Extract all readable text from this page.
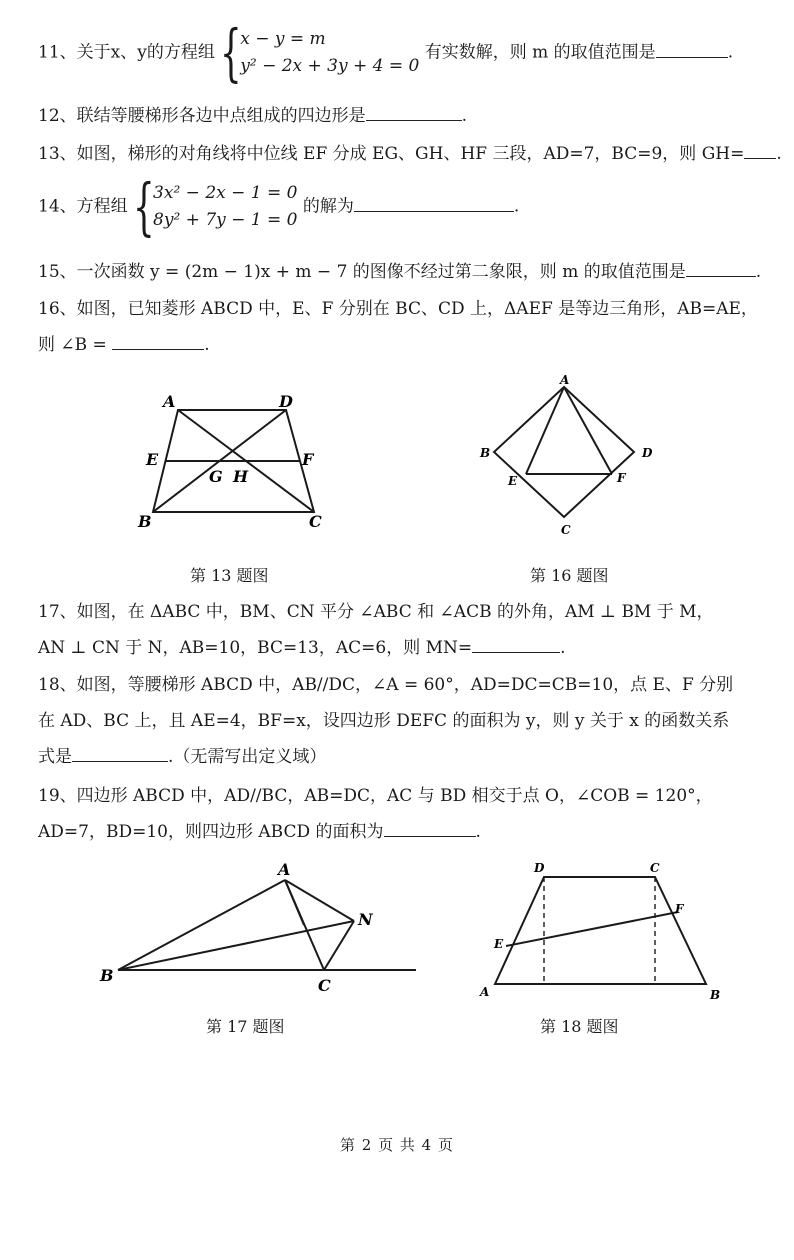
11、关于x、y的方程组 {
x − y = m
y² − 2x + 3y + 4 = 0
有实数解，则 m 的取值范围是	.
12、联结等腰梯形各边中点组成的四边形是	.
13、如图，梯形的对角线将中位线 EF 分成 EG、GH、HF 三段，AD=7，BC=9，则 GH= .
14、方程组 {
3x² − 2x − 1 = 0
8y² + 7y − 1 = 0
的解为	.
15、一次函数 y = (2m − 1)x + m − 7 的图像不经过第二象限，则 m 的取值范围是	.
16、如图，已知菱形 ABCD 中，E、F 分别在 BC、CD 上，ΔAEF 是等边三角形，AB=AE，
则 ∠B =	.
A	D
E	F
G H
B	C
第 13 题图
A
B	D
E	F
C
第 16 题图
17、如图，在 ΔABC 中，BM、CN 平分 ∠ABC 和 ∠ACB 的外角，AM ⊥ BM 于 M，
AN ⊥ CN 于 N，AB=10，BC=13，AC=6，则 MN=	.
18、如图，等腰梯形 ABCD 中，AB//DC，∠A = 60°，AD=DC=CB=10，点 E、F 分别
在 AD、BC 上，且 AE=4，BF=x，设四边形 DEFC 的面积为 y，则 y 关于 x 的函数关系
式是	.（无需写出定义域）
19、四边形 ABCD 中，AD//BC，AB=DC，AC 与 BD 相交于点 O，∠COB = 120°，
AD=7，BD=10，则四边形 ABCD 的面积为	.
A
N
B
C
第 17 题图
D	C
F
E
A	B
第 18 题图
第 2 页 共 4 页
